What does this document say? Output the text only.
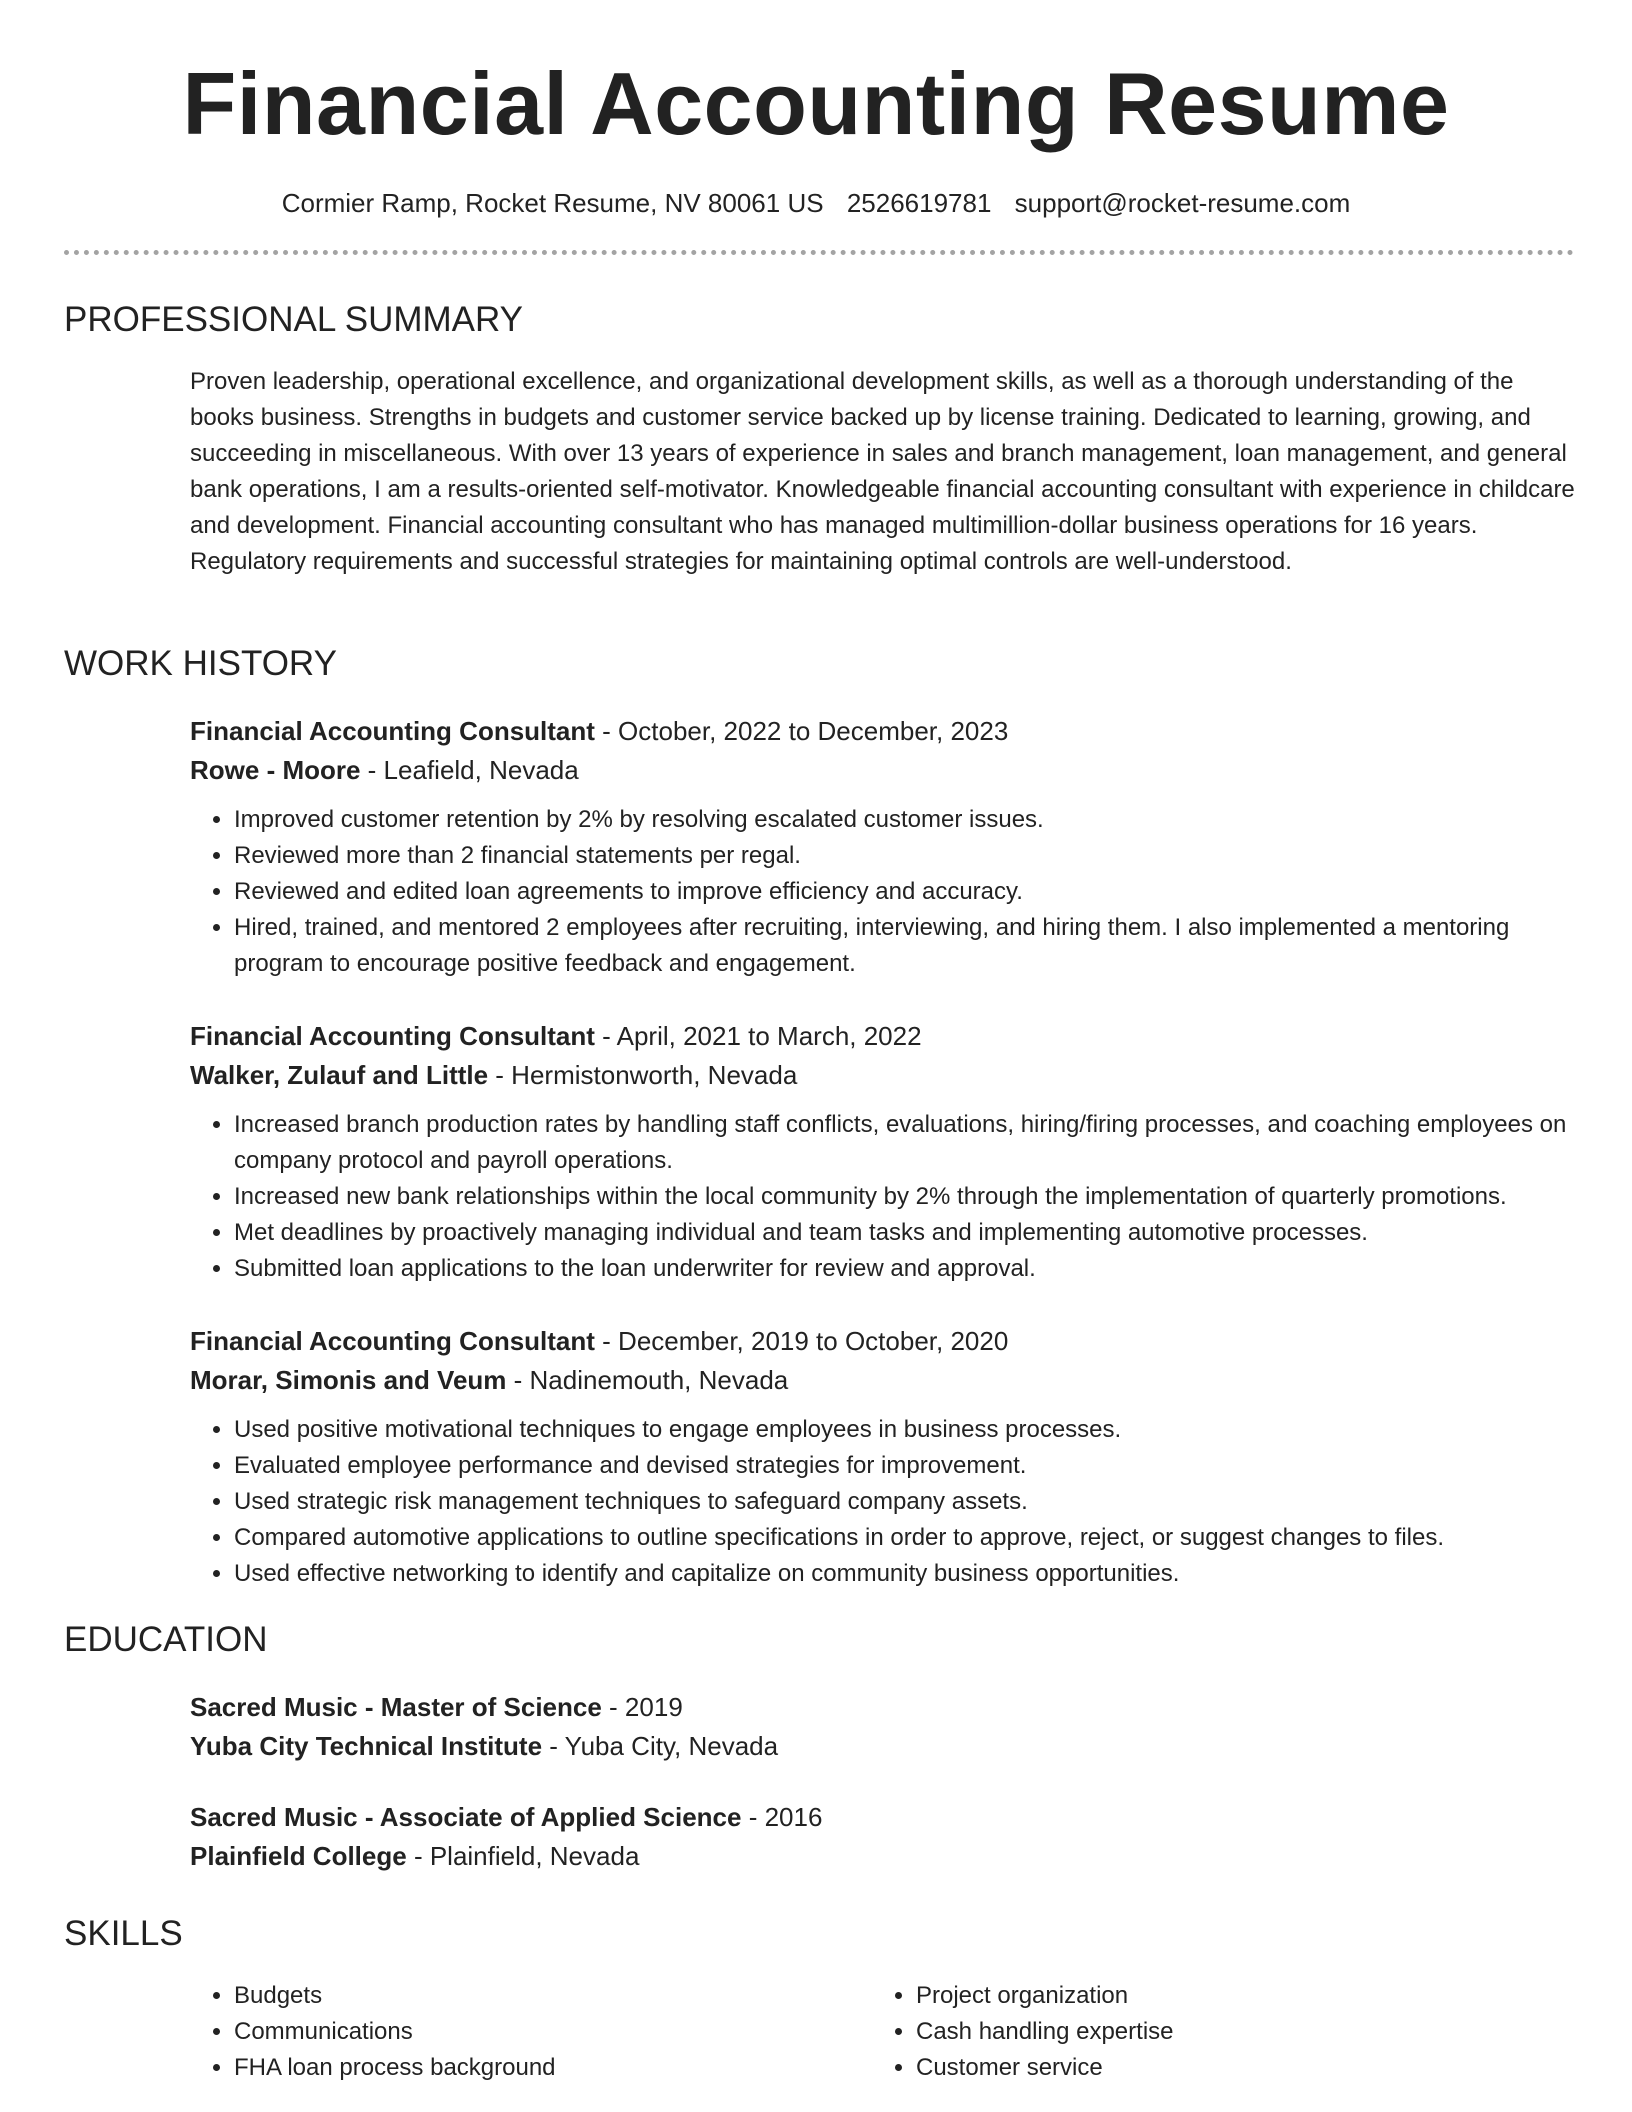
Financial Accounting Resume
Cormier Ramp, Rocket Resume, NV 80061 US 2526619781 support@rocket-resume.com
PROFESSIONAL SUMMARY

Proven leadership, operational excellence, and organizational development skills, as well as a thorough understanding of the books business. Strengths in budgets and customer service backed up by license training. Dedicated to learning, growing, and succeeding in miscellaneous. With over 13 years of experience in sales and branch management, loan management, and general bank operations, I am a results-oriented self-motivator. Knowledgeable financial accounting consultant with experience in childcare and development. Financial accounting consultant who has managed multimillion-dollar business operations for 16 years. Regulatory requirements and successful strategies for maintaining optimal controls are well-understood.

WORK HISTORY

Financial Accounting Consultant - October, 2022 to December, 2023

Rowe - Moore - Leafield, Nevada

• Improved customer retention by 2% by resolving escalated customer issues.
• Reviewed more than 2 financial statements per regal.
• Reviewed and edited loan agreements to improve efficiency and accuracy.
• Hired, trained, and mentored 2 employees after recruiting, interviewing, and hiring them. I also implemented a mentoring program to encourage positive feedback and engagement.

Financial Accounting Consultant - April, 2021 to March, 2022

Walker, Zulauf and Little - Hermistonworth, Nevada

• Increased branch production rates by handling staff conflicts, evaluations, hiring/firing processes, and coaching employees on company protocol and payroll operations.
• Increased new bank relationships within the local community by 2% through the implementation of quarterly promotions.
• Met deadlines by proactively managing individual and team tasks and implementing automotive processes.
• Submitted loan applications to the loan underwriter for review and approval.

Financial Accounting Consultant - December, 2019 to October, 2020

Morar, Simonis and Veum - Nadinemouth, Nevada

• Used positive motivational techniques to engage employees in business processes.
• Evaluated employee performance and devised strategies for improvement.
• Used strategic risk management techniques to safeguard company assets.
• Compared automotive applications to outline specifications in order to approve, reject, or suggest changes to files.
• Used effective networking to identify and capitalize on community business opportunities.
EDUCATION

Sacred Music - Master of Science - 2019

Yuba City Technical Institute - Yuba City, Nevada

Sacred Music - Associate of Applied Science - 2016

Plainfield College - Plainfield, Nevada

SKILLS
• Budgets
• Communications
• FHA loan process background
• Project organization
• Cash handling expertise
• Customer service
